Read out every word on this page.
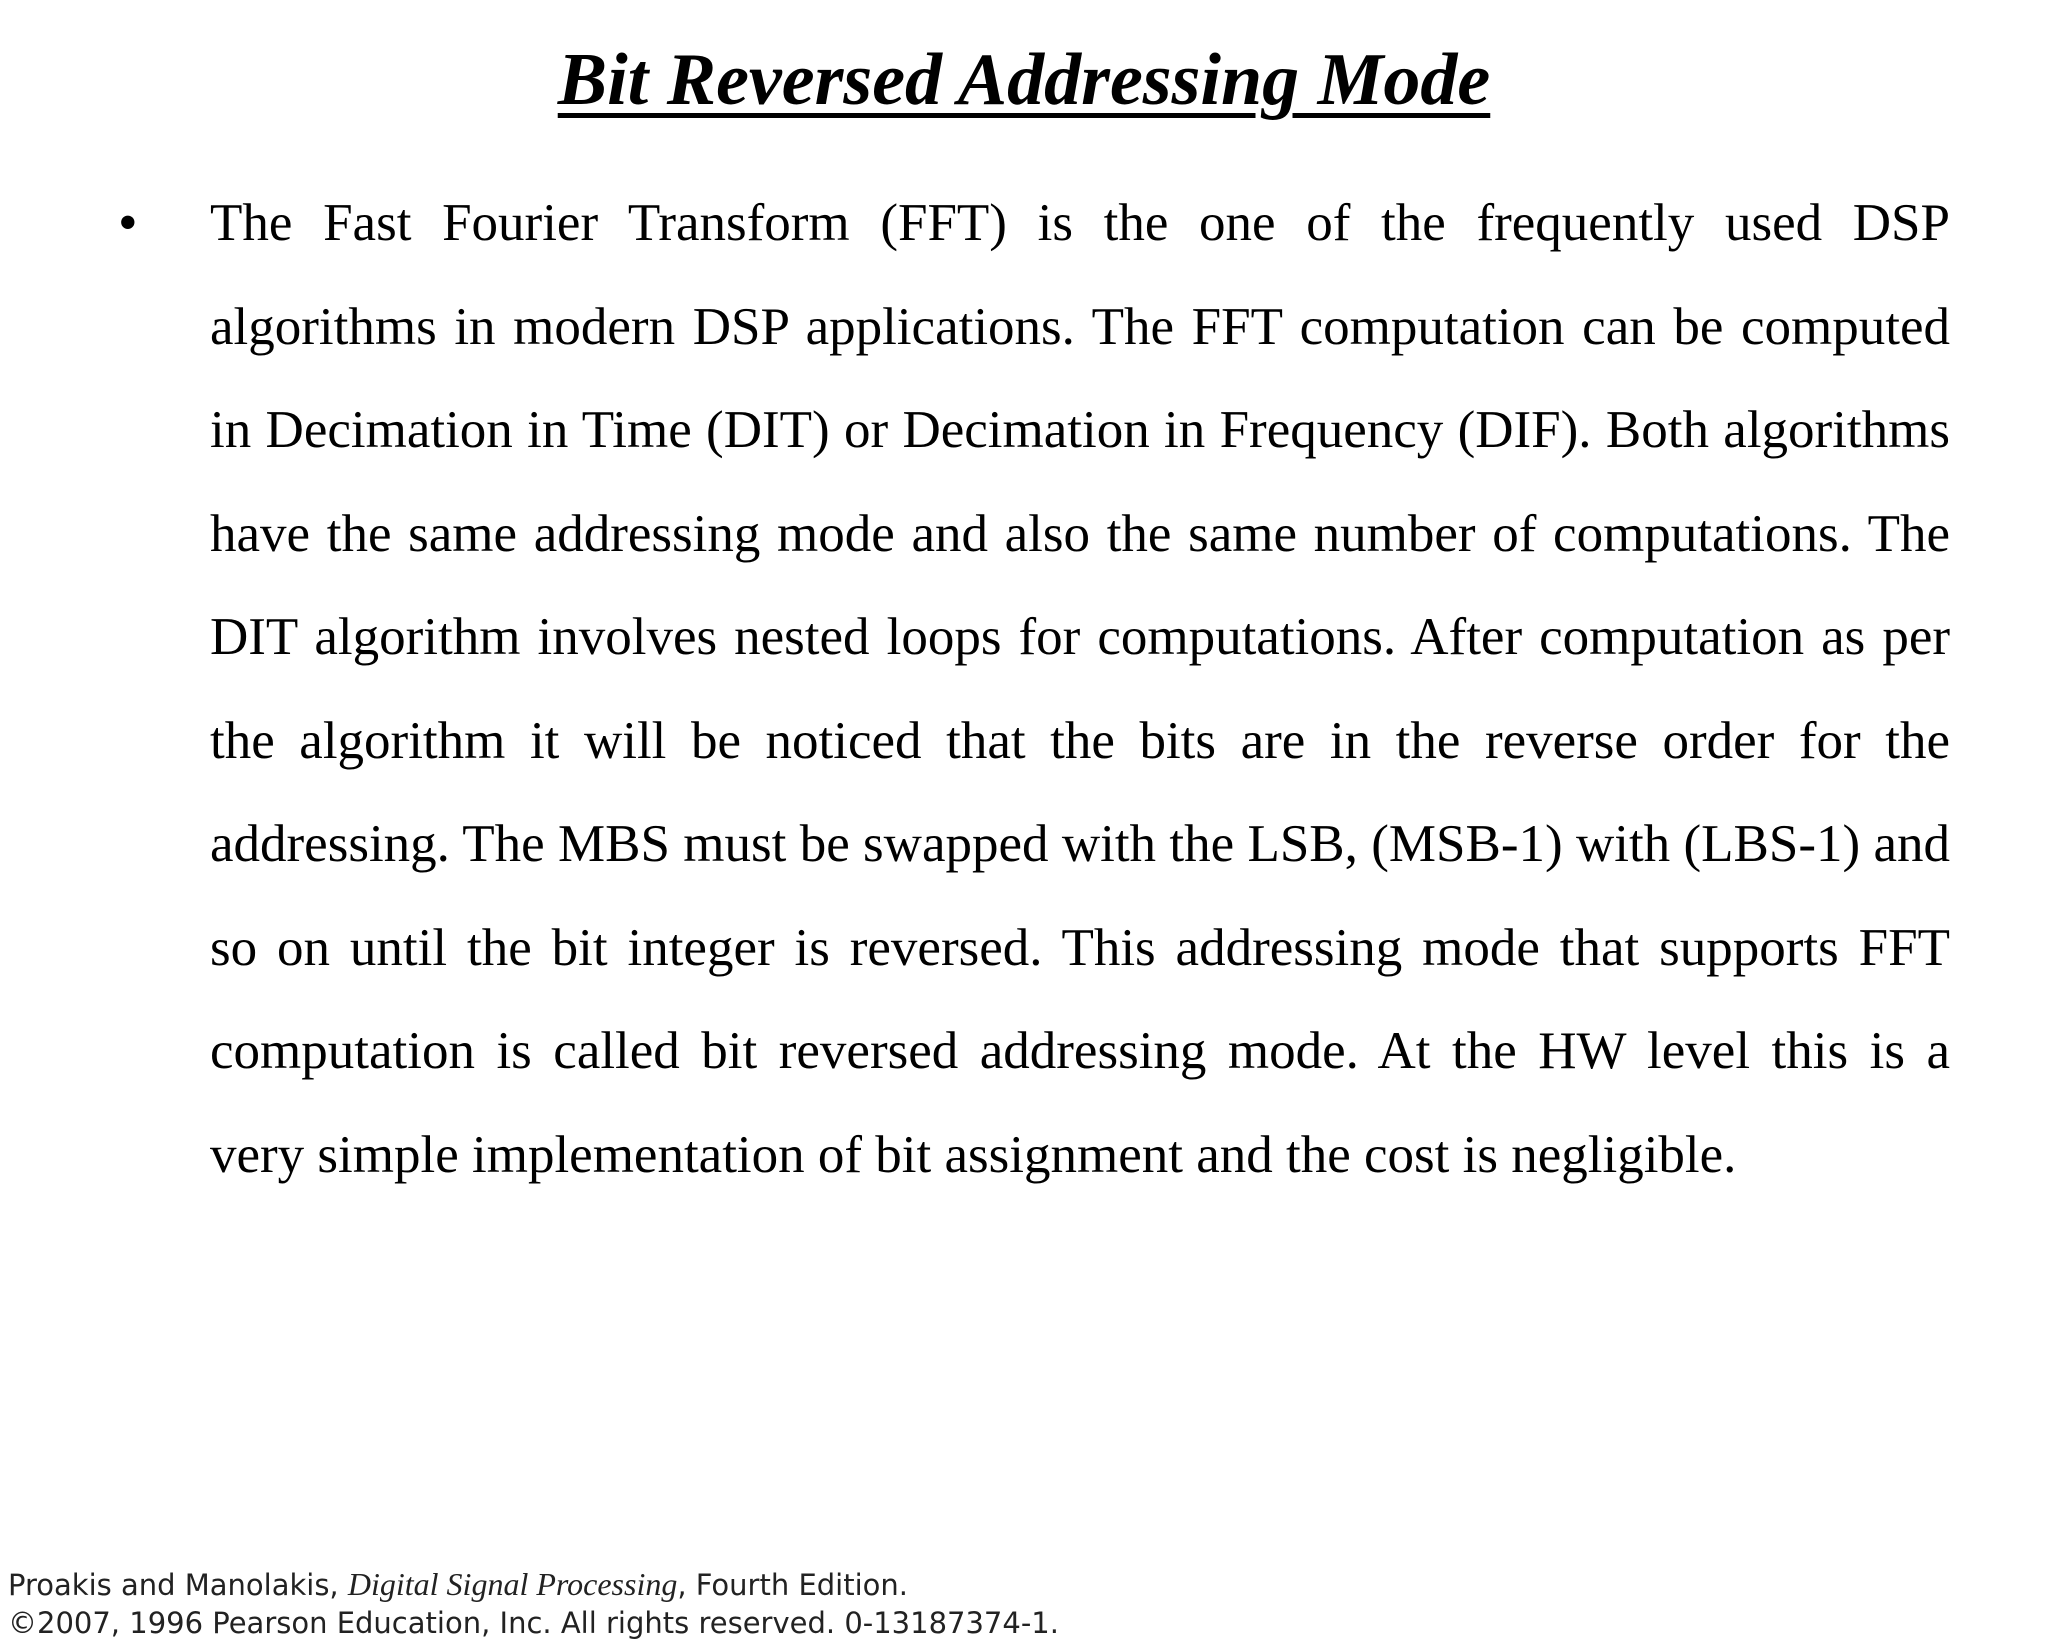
Bit Reversed Addressing Mode
• The Fast Fourier Transform (FFT) is the one of the frequently used DSP algorithms in modern DSP applications. The FFT computation can be computed in Decimation in Time (DIT) or Decimation in Frequency (DIF). Both algorithms have the same addressing mode and also the same number of computations. The DIT algorithm involves nested loops for computations. After computation as per the algorithm it will be noticed that the bits are in the reverse order for the addressing. The MBS must be swapped with the LSB, (MSB-1) with (LBS-1) and so on until the bit integer is reversed. This addressing mode that supports FFT computation is called bit reversed addressing mode. At the HW level this is a very simple implementation of bit assignment and the cost is negligible.

Proakis and Manolakis, Digital Signal Processing, Fourth Edition.
©2007, 1996 Pearson Education, Inc. All rights reserved. 0-13187374-1.
